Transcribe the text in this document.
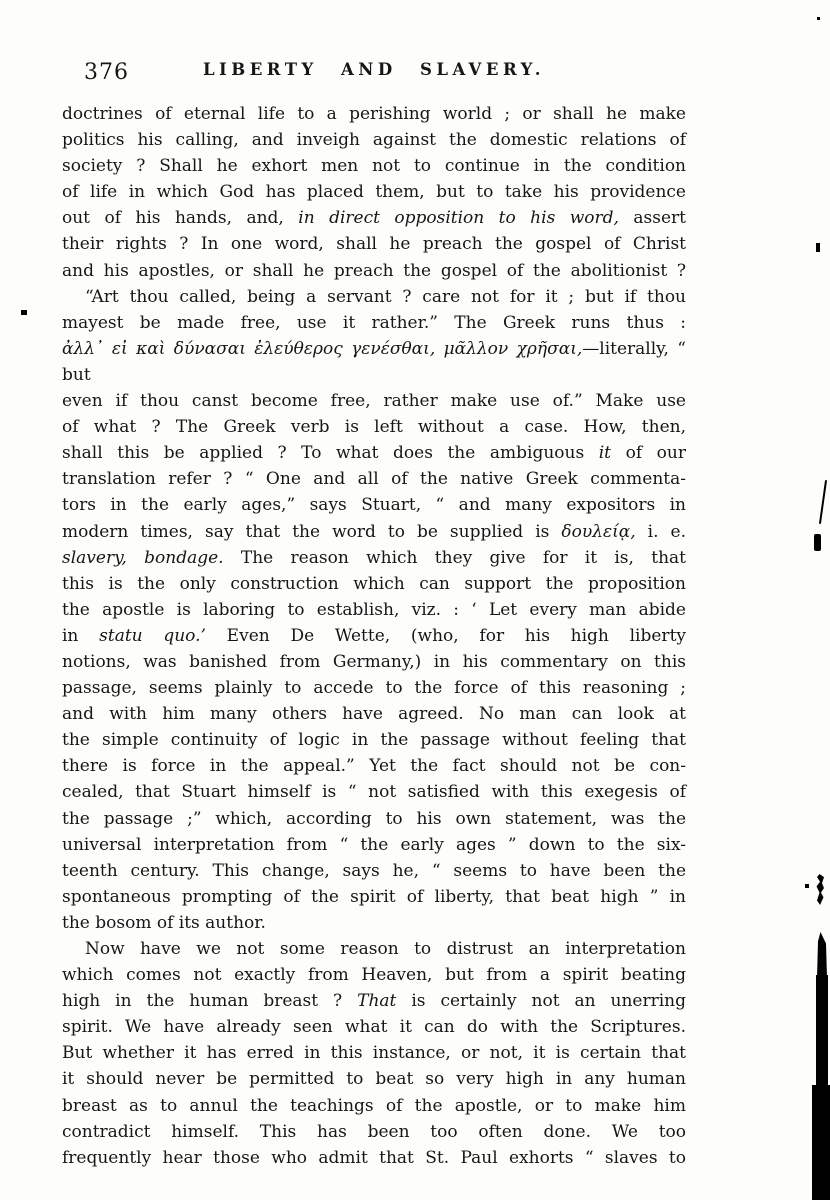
376	LIBERTY AND SLAVERY.
doctrines of eternal life to a perishing world ; or shall he make
politics his calling, and inveigh against the domestic relations of
society ? Shall he exhort men not to continue in the condition
of life in which God has placed them, but to take his providence
out of his hands, and, in direct opposition to his word, assert
their rights ? In one word, shall he preach the gospel of Christ
and his apostles, or shall he preach the gospel of the abolitionist ?
“Art thou called, being a servant ? care not for it ; but if thou
mayest be made free, use it rather.” The Greek runs thus :
ἀλλ᾽ εἰ καὶ δύνασαι ἐλεύθερος γενέσθαι, μᾶλλον χρῆσαι,—literally, “ but
even if thou canst become free, rather make use of.” Make use
of what ? The Greek verb is left without a case. How, then,
shall this be applied ? To what does the ambiguous it of our
translation refer ? “ One and all of the native Greek commenta-
tors in the early ages,” says Stuart, “ and many expositors in
modern times, say that the word to be supplied is δουλείᾳ, i. e.
slavery, bondage. The reason which they give for it is, that
this is the only construction which can support the proposition
the apostle is laboring to establish, viz. : ‘ Let every man abide
in statu quo.’ Even De Wette, (who, for his high liberty
notions, was banished from Germany,) in his commentary on this
passage, seems plainly to accede to the force of this reasoning ;
and with him many others have agreed. No man can look at
the simple continuity of logic in the passage without feeling that
there is force in the appeal.” Yet the fact should not be con-
cealed, that Stuart himself is “ not satisfied with this exegesis of
the passage ;” which, according to his own statement, was the
universal interpretation from “ the early ages ” down to the six-
teenth century. This change, says he, “ seems to have been the
spontaneous prompting of the spirit of liberty, that beat high ” in
the bosom of its author.
Now have we not some reason to distrust an interpretation
which comes not exactly from Heaven, but from a spirit beating
high in the human breast ? That is certainly not an unerring
spirit. We have already seen what it can do with the Scriptures.
But whether it has erred in this instance, or not, it is certain that
it should never be permitted to beat so very high in any human
breast as to annul the teachings of the apostle, or to make him
contradict himself. This has been too often done. We too
frequently hear those who admit that St. Paul exhorts “ slaves to
